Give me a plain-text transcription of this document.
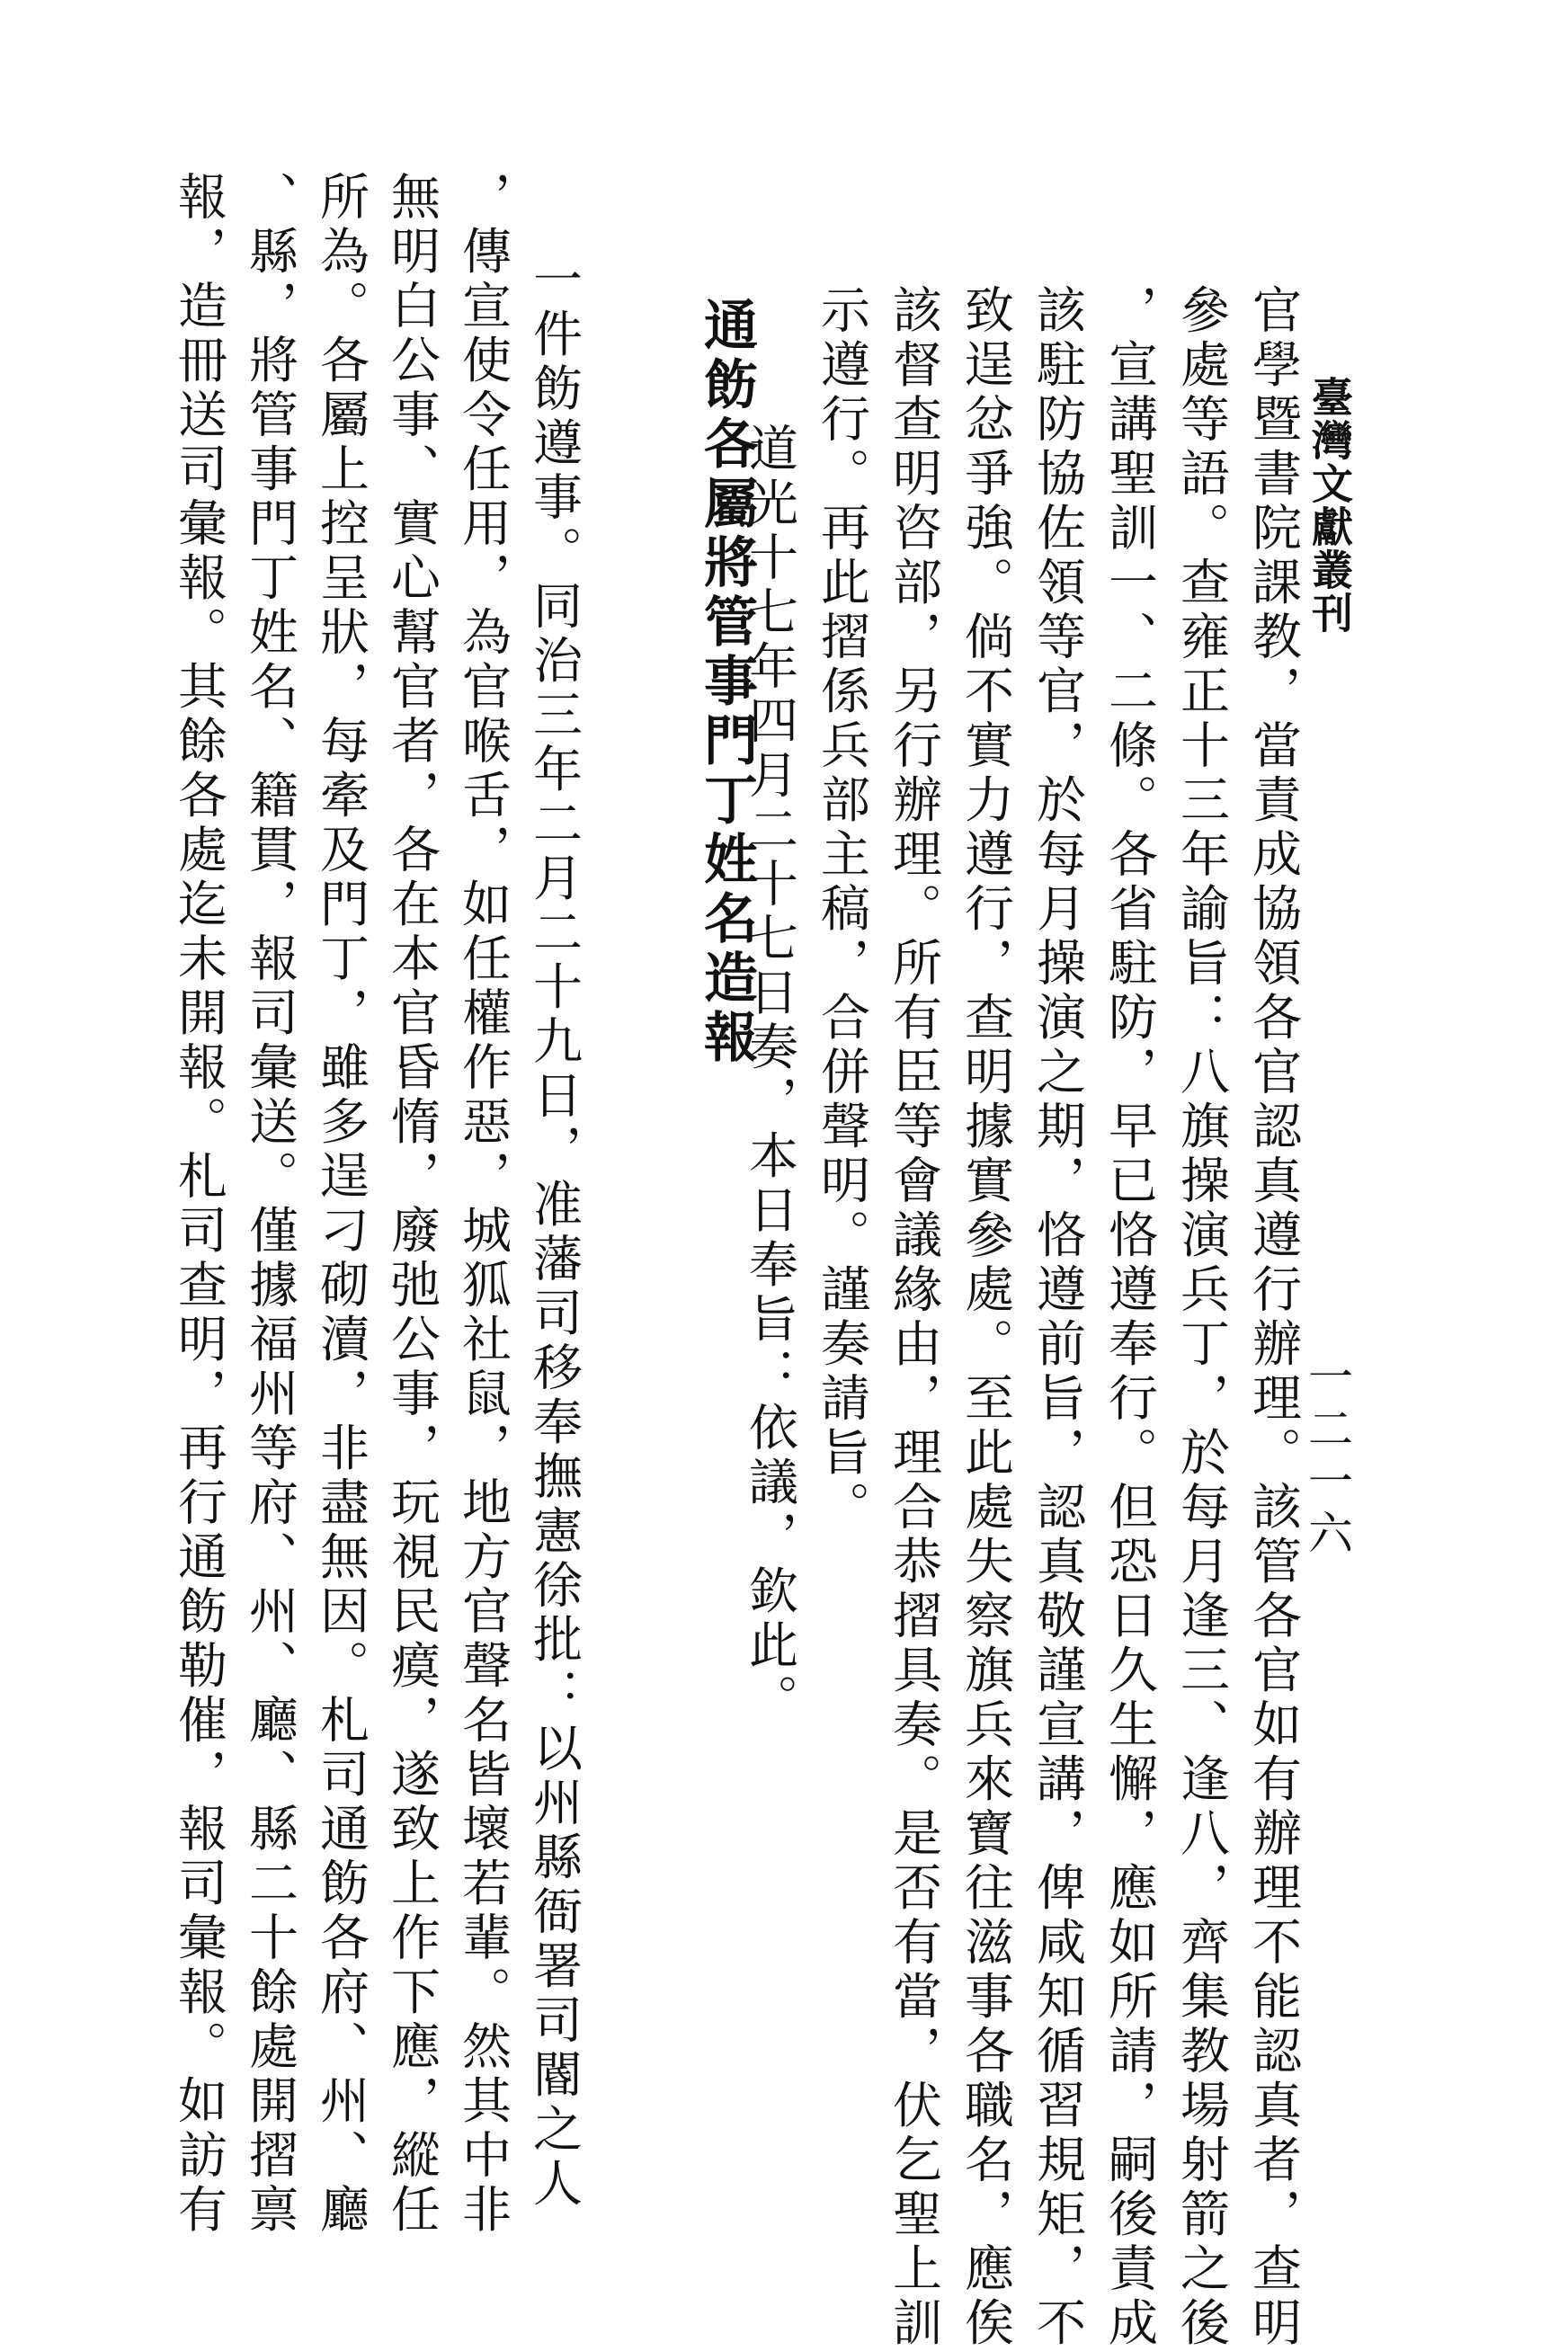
臺灣文獻叢刊
一二一六
官學暨書院課教，當責成協領各官認真遵行辦理。該管各官如有辦理不能認真者，查明
參處等語。查雍正十三年諭旨：八旗操演兵丁，於每月逢三、逢八，齊集教場射箭之後
，宣講聖訓一、二條。各省駐防，早已恪遵奉行。但恐日久生懈，應如所請，嗣後責成
該駐防協佐領等官，於每月操演之期，恪遵前旨，認真敬謹宣講，俾咸知循習規矩，不
致逞忿爭強。倘不實力遵行，查明據實參處。至此處失察旗兵來寶往滋事各職名，應俟
該督查明咨部，另行辦理。所有臣等會議緣由，理合恭摺具奏。是否有當，伏乞聖上訓
示遵行。再此摺係兵部主稿，合併聲明。謹奏請旨。
道光十七年四月二十七日奏，本日奉旨：依議，欽此。
通飭各屬將管事門丁姓名造報
一件飭遵事。同治三年二月二十九日，准藩司移奉撫憲徐批：以州縣衙署司閽之人
，傳宣使令任用，為官喉舌，如任權作惡，城狐社鼠，地方官聲名皆壞若輩。然其中非
無明白公事、實心幫官者，各在本官昏惰，廢弛公事，玩視民瘼，遂致上作下應，縱任
所為。各屬上控呈狀，每牽及門丁，雖多逞刁砌瀆，非盡無因。札司通飭各府、州、廳
、縣，將管事門丁姓名、籍貫，報司彙送。僅據福州等府、州、廳、縣二十餘處開摺禀
報，造冊送司彙報。其餘各處迄未開報。札司查明，再行通飭勒催，報司彙報。如訪有
